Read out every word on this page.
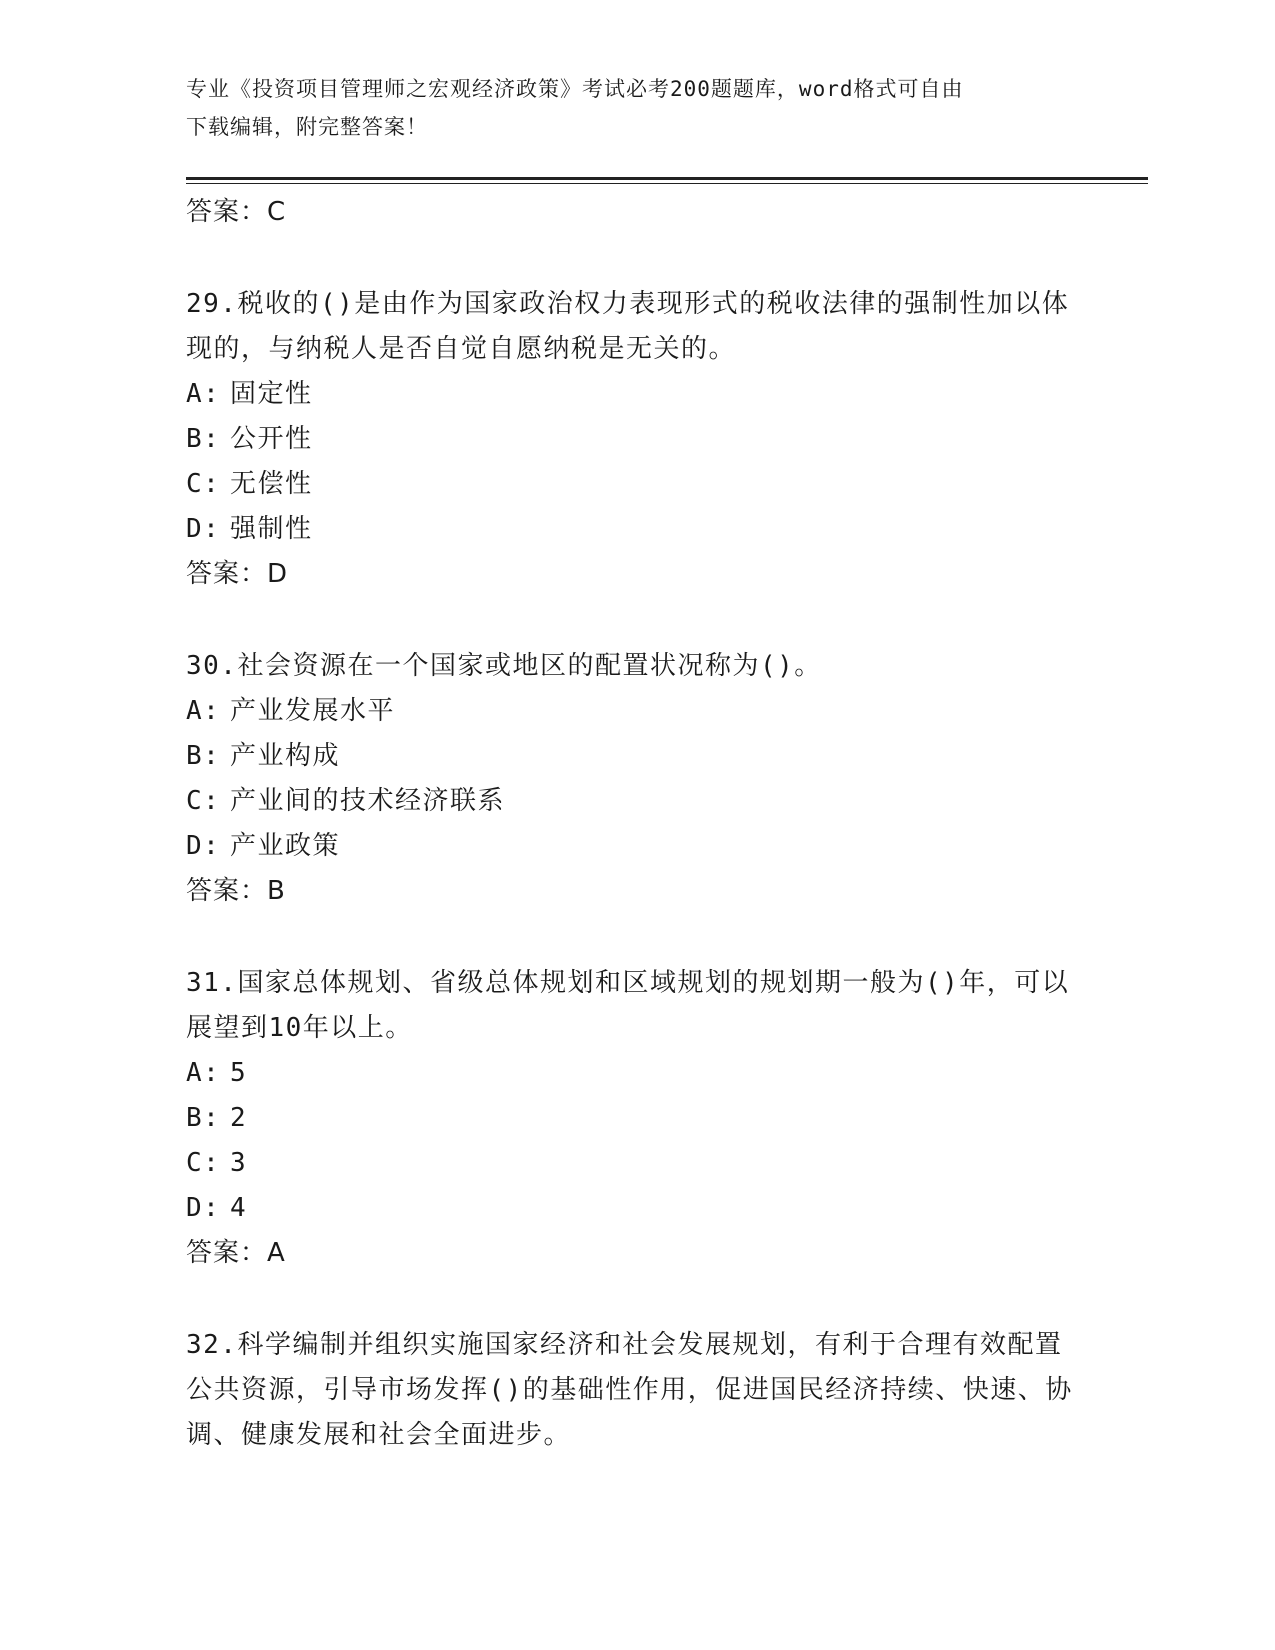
专业《投资项目管理师之宏观经济政策》考试必考200题题库，word格式可自由
下载编辑，附完整答案！
答案：C

29.税收的()是由作为国家政治权力表现形式的税收法律的强制性加以体现的，与纳税人是否自觉自愿纳税是无关的。

A: 固定性
B: 公开性
C: 无偿性
D: 强制性
答案：D

30.社会资源在一个国家或地区的配置状况称为()。

A: 产业发展水平
B: 产业构成
C: 产业间的技术经济联系
D: 产业政策
答案：B

31.国家总体规划、省级总体规划和区域规划的规划期一般为()年，可以展望到10年以上。

A: 5
B: 2
C: 3
D: 4
答案：A

32.科学编制并组织实施国家经济和社会发展规划，有利于合理有效配置公共资源，引导市场发挥()的基础性作用，促进国民经济持续、快速、协调、健康发展和社会全面进步。
